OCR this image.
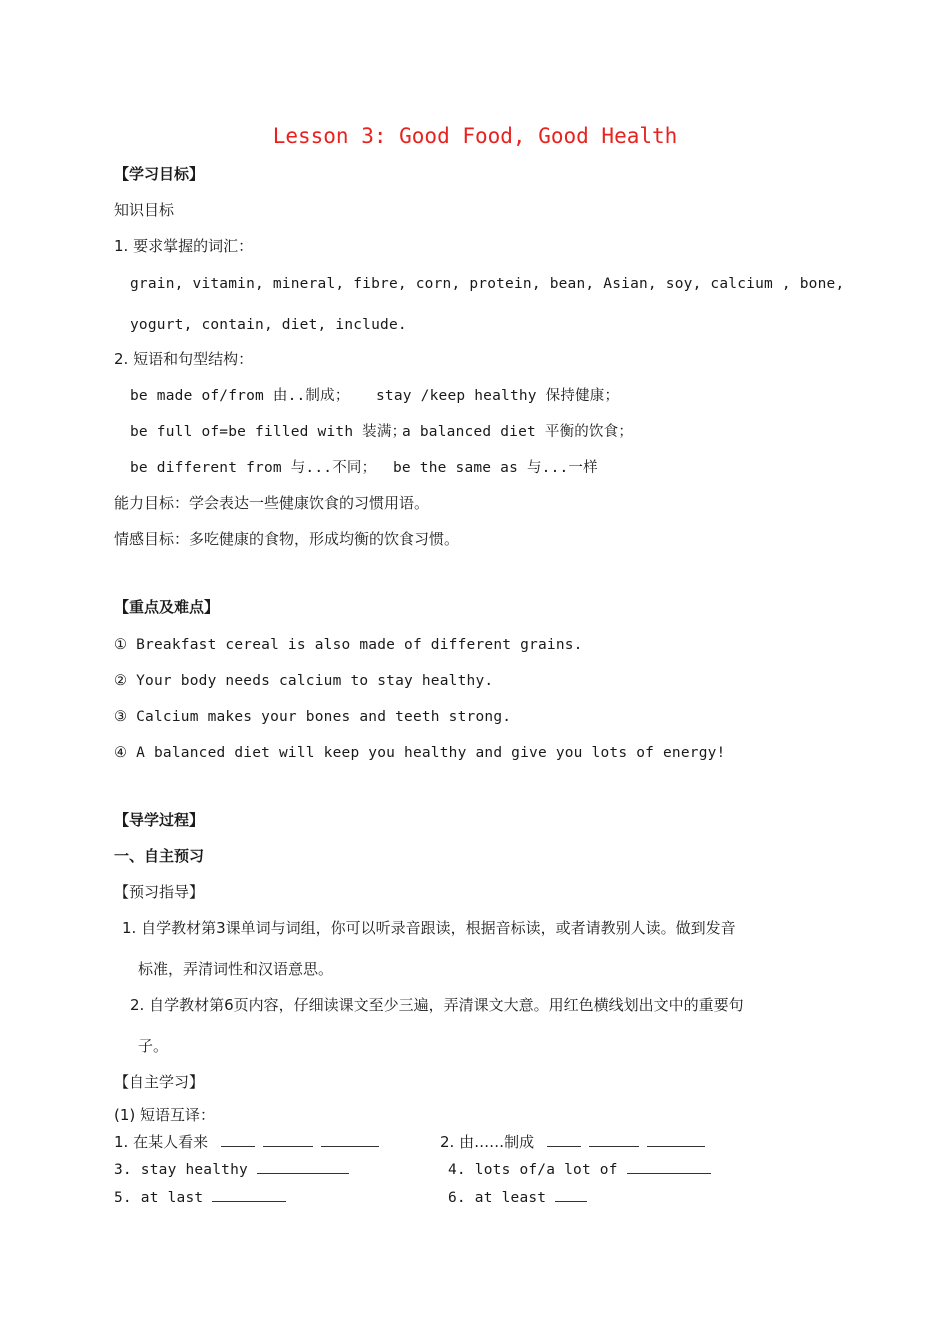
Lesson 3: Good Food, Good Health
【学习目标】
知识目标
1. 要求掌握的词汇：
grain, vitamin, mineral, fibre, corn, protein, bean, Asian, soy, calcium , bone,
yogurt, contain, diet, include.
2. 短语和句型结构：
be made of/from 由..制成； stay /keep healthy 保持健康；
be full of=be filled with 装满；
a balanced diet 平衡的饮食；
be different from 与...不同； be the same as 与...一样
能力目标：学会表达一些健康饮食的习惯用语。
情感目标：多吃健康的食物，形成均衡的饮食习惯。
【重点及难点】
① Breakfast cereal is also made of different grains.
② Your body needs calcium to stay healthy.
③ Calcium makes your bones and teeth strong.
④ A balanced diet will keep you healthy and give you lots of energy!
【导学过程】
一、自主预习
【预习指导】
1. 自学教材第3课单词与词组，你可以听录音跟读，根据音标读，或者请教别人读。做到发音
标准，弄清词性和汉语意思。
2. 自学教材第6页内容，仔细读课文至少三遍，弄清课文大意。用红色横线划出文中的重要句
子。
【自主学习】
(1) 短语互译：
1. 在某人看来	2. 由……制成
3. stay healthy	4. lots of/a lot of
5. at last	6. at least
